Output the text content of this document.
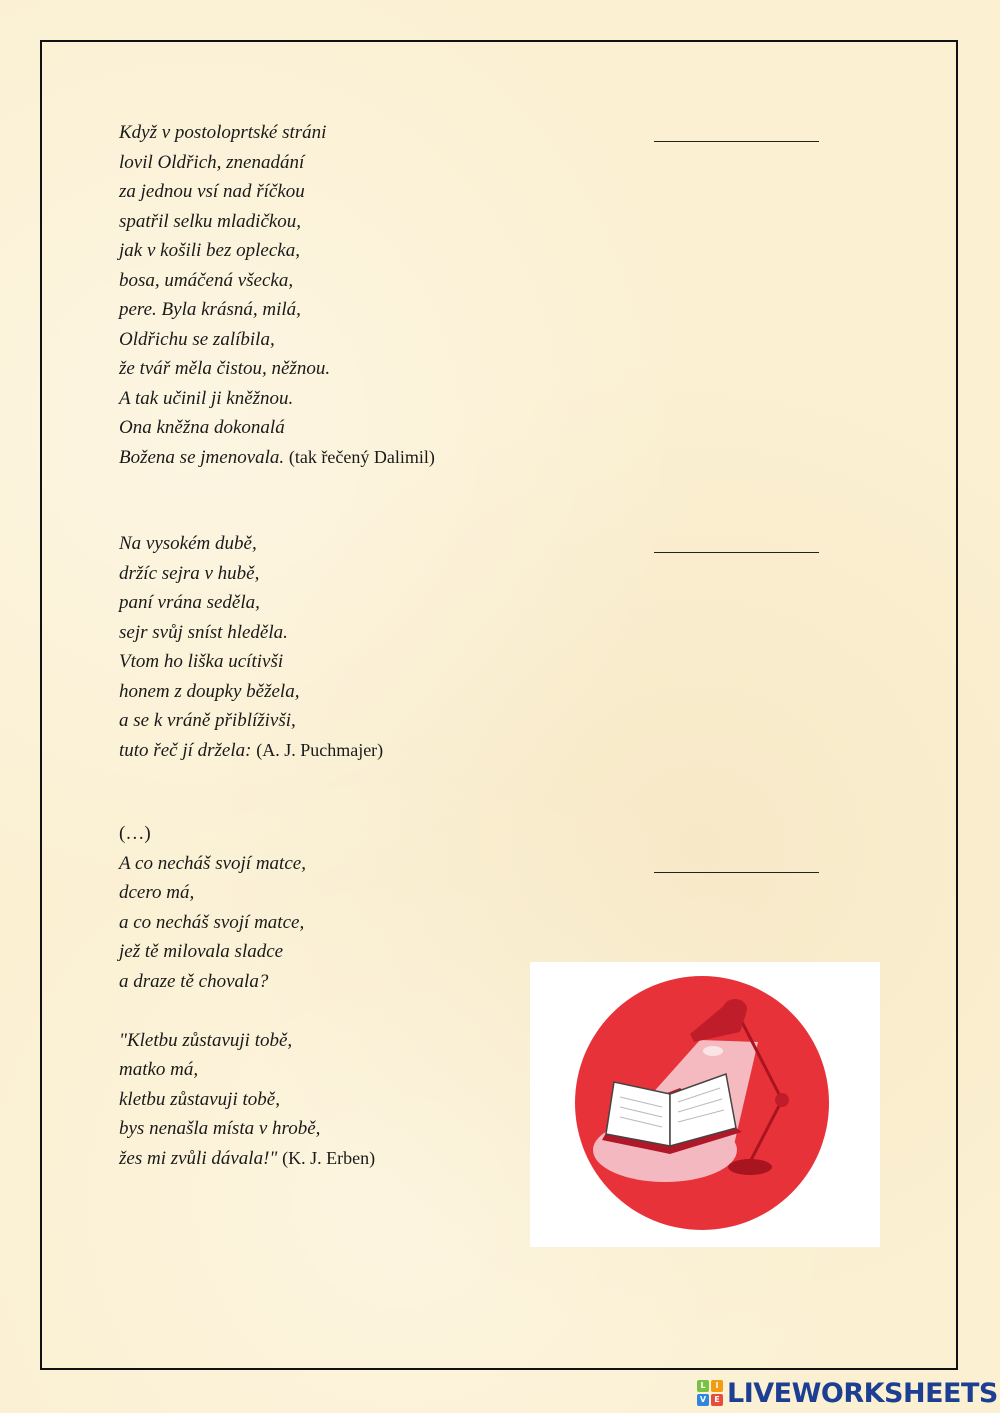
Když v postoloprtské stráni
lovil Oldřich, znenadání
za jednou vsí nad říčkou
spatřil selku mladičkou,
jak v košili bez oplecka,
bosa, umáčená všecka,
pere. Byla krásná, milá,
Oldřichu se zalíbila,
že tvář měla čistou, něžnou.
A tak učinil ji kněžnou.
Ona kněžna dokonalá
Božena se jmenovala. (tak řečený Dalimil)
Na vysokém dubě,
držíc sejra v hubě,
paní vrána seděla,
sejr svůj sníst hleděla.
Vtom ho liška ucítivši
honem z doupky běžela,
a se k vráně přiblíživši,
tuto řeč jí držela: (A. J. Puchmajer)
(…)
A co necháš svojí matce,
dcero má,
a co necháš svojí matce,
jež tě milovala sladce
a draze tě chovala?
"Kletbu zůstavuji tobě,
matko má,
kletbu zůstavuji tobě,
bys nenašla místa v hrobě,
žes mi zvůli dávala!" (K. J. Erben)
L	I
V	E LIVEWORKSHEETS
